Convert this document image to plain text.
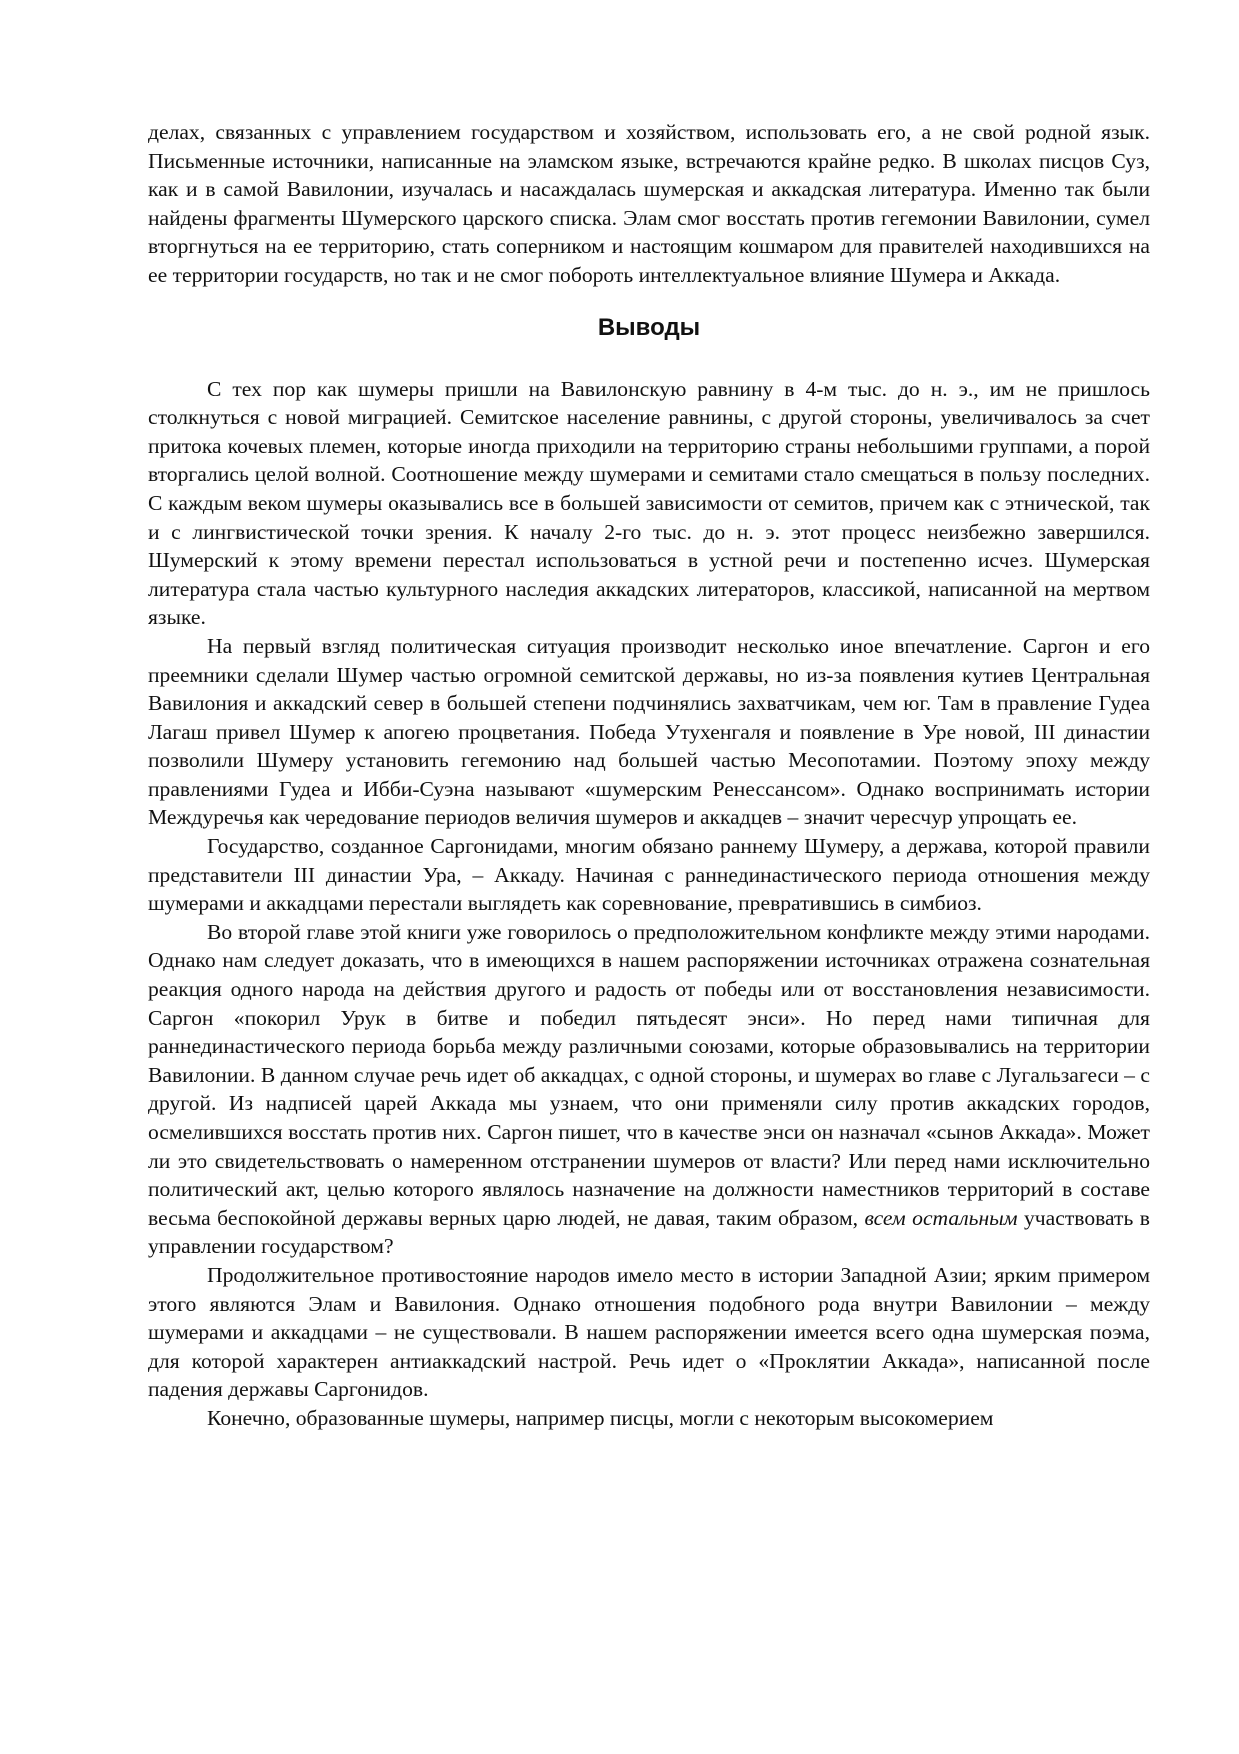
делах, связанных с управлением государством и хозяйством, использовать его, а не свой родной язык. Письменные источники, написанные на эламском языке, встречаются крайне редко. В школах писцов Суз, как и в самой Вавилонии, изучалась и насаждалась шумерская и аккадская литература. Именно так были найдены фрагменты Шумерского царского списка. Элам смог восстать против гегемонии Вавилонии, сумел вторгнуться на ее территорию, стать соперником и настоящим кошмаром для правителей находившихся на ее территории государств, но так и не смог побороть интеллектуальное влияние Шумера и Аккада.

Выводы

С тех пор как шумеры пришли на Вавилонскую равнину в 4-м тыс. до н. э., им не пришлось столкнуться с новой миграцией. Семитское население равнины, с другой стороны, увеличивалось за счет притока кочевых племен, которые иногда приходили на территорию страны небольшими группами, а порой вторгались целой волной. Соотношение между шумерами и семитами стало смещаться в пользу последних. С каждым веком шумеры оказывались все в большей зависимости от семитов, причем как с этнической, так и с лингвистической точки зрения. К началу 2-го тыс. до н. э. этот процесс неизбежно завершился. Шумерский к этому времени перестал использоваться в устной речи и постепенно исчез. Шумерская литература стала частью культурного наследия аккадских литераторов, классикой, написанной на мертвом языке.

На первый взгляд политическая ситуация производит несколько иное впечатление. Саргон и его преемники сделали Шумер частью огромной семитской державы, но из-за появления кутиев Центральная Вавилония и аккадский север в большей степени подчинялись захватчикам, чем юг. Там в правление Гудеа Лагаш привел Шумер к апогею процветания. Победа Утухенгаля и появление в Уре новой, III династии позволили Шумеру установить гегемонию над большей частью Месопотамии. Поэтому эпоху между правлениями Гудеа и Ибби-Суэна называют «шумерским Ренессансом». Однако воспринимать истории Междуречья как чередование периодов величия шумеров и аккадцев – значит чересчур упрощать ее.

Государство, созданное Саргонидами, многим обязано раннему Шумеру, а держава, которой правили представители III династии Ура, – Аккаду. Начиная с раннединастического периода отношения между шумерами и аккадцами перестали выглядеть как соревнование, превратившись в симбиоз.

Во второй главе этой книги уже говорилось о предположительном конфликте между этими народами. Однако нам следует доказать, что в имеющихся в нашем распоряжении источниках отражена сознательная реакция одного народа на действия другого и радость от победы или от восстановления независимости. Саргон «покорил Урук в битве и победил пятьдесят энси». Но перед нами типичная для раннединастического периода борьба между различными союзами, которые образовывались на территории Вавилонии. В данном случае речь идет об аккадцах, с одной стороны, и шумерах во главе с Лугальзагеси – с другой. Из надписей царей Аккада мы узнаем, что они применяли силу против аккадских городов, осмелившихся восстать против них. Саргон пишет, что в качестве энси он назначал «сынов Аккада». Может ли это свидетельствовать о намеренном отстранении шумеров от власти? Или перед нами исключительно политический акт, целью которого являлось назначение на должности наместников территорий в составе весьма беспокойной державы верных царю людей, не давая, таким образом, всем остальным участвовать в управлении государством?

Продолжительное противостояние народов имело место в истории Западной Азии; ярким примером этого являются Элам и Вавилония. Однако отношения подобного рода внутри Вавилонии – между шумерами и аккадцами – не существовали. В нашем распоряжении имеется всего одна шумерская поэма, для которой характерен антиаккадский настрой. Речь идет о «Проклятии Аккада», написанной после падения державы Саргонидов.

Конечно, образованные шумеры, например писцы, могли с некоторым высокомерием
